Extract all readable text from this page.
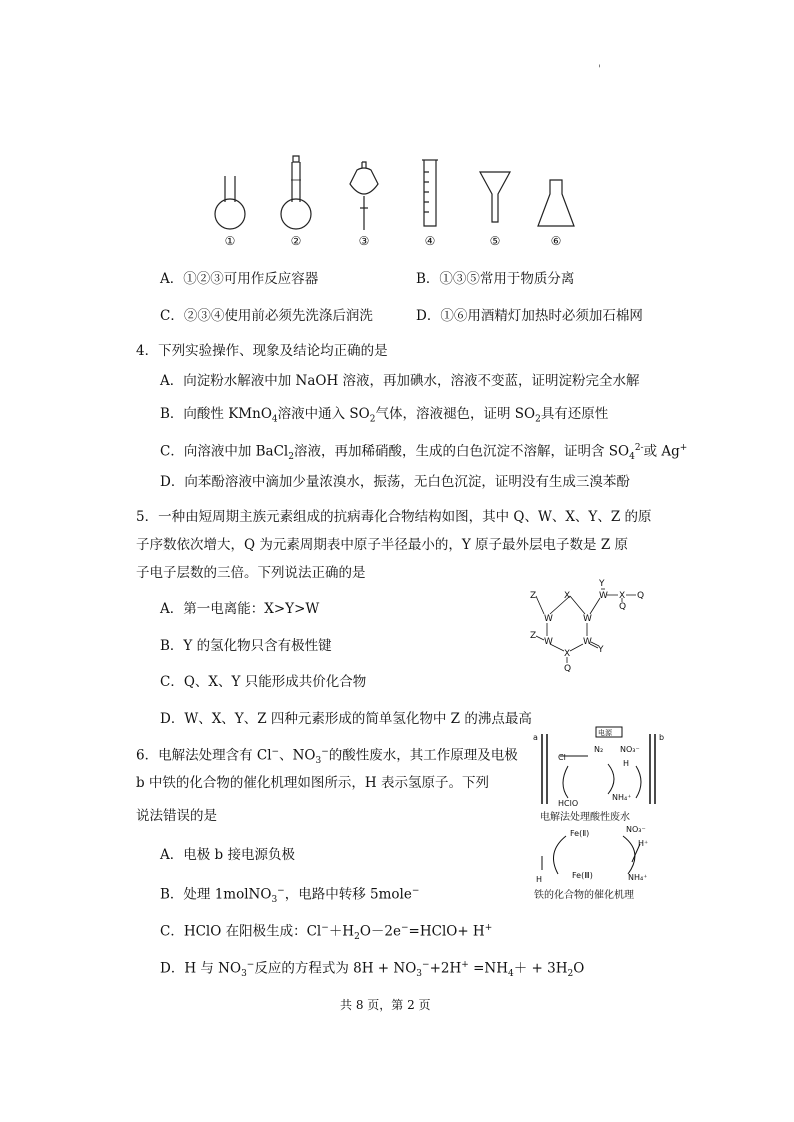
'
①	②	③	④	⑤	⑥
A．①②③可用作反应容器	B．①③⑤常用于物质分离
C．②③④使用前必须先洗涤后润洗	D．①⑥用酒精灯加热时必须加石棉网
4．下列实验操作、现象及结论均正确的是
A．向淀粉水解液中加 NaOH 溶液，再加碘水，溶液不变蓝，证明淀粉完全水解
B．向酸性 KMnO$_4$溶液中通入 $SO_2$气体，溶液褪色，证明 $SO_2$具有还原性
C．向溶液中加 BaCl$_2$溶液，再加稀硝酸，生成的白色沉淀不溶解，证明含 $SO_4^{2-}$或 Ag+
D．向苯酚溶液中滴加少量浓溴水，振荡，无白色沉淀，证明没有生成三溴苯酚
5．一种由短周期主族元素组成的抗病毒化合物结构如图，其中 Q、W、X、Y、Z 的原
子序数依次增大，Q 为元素周期表中原子半径最小的，Y 原子最外层电子数是 Z 原
子电子层数的三倍。下列说法正确的是
Y
Z	X	W X Q
Q
W	W
W	W
Z
X	Y
Q
A．第一电离能：X>Y>W
B．Y 的氢化物只含有极性键
C．Q、X、Y 只能形成共价化合物
D．W、X、Y、Z 四种元素形成的简单氢化物中 Z 的沸点最高
6．电解法处理含有 Cl−、$NO_3^-$的酸性废水，其工作原理及电极
b 中铁的化合物的催化机理如图所示，H 表示氢原子。下列
说法错误的是
电源
a	b
Cl⁻
N₂ NO₃⁻
H
HClO
NH₄⁺
电解法处理酸性废水
Fe(Ⅱ)	NO₃⁻
H⁺
H	Fe(Ⅲ)	NH₄⁺
铁的化合物的催化机理
A．电极 b 接电源负极
B．处理 1molNO$_3$−，电路中转移 5mole−
C．HClO 在阳极生成：$Cl^-+H_2O-2e^-=HClO+ H^+$
D．H 与 $NO_3^-$反应的方程式为 $8H + NO_3^-+2H^+ =NH_4+ + 3H_2O$
共 8 页，第 2 页
